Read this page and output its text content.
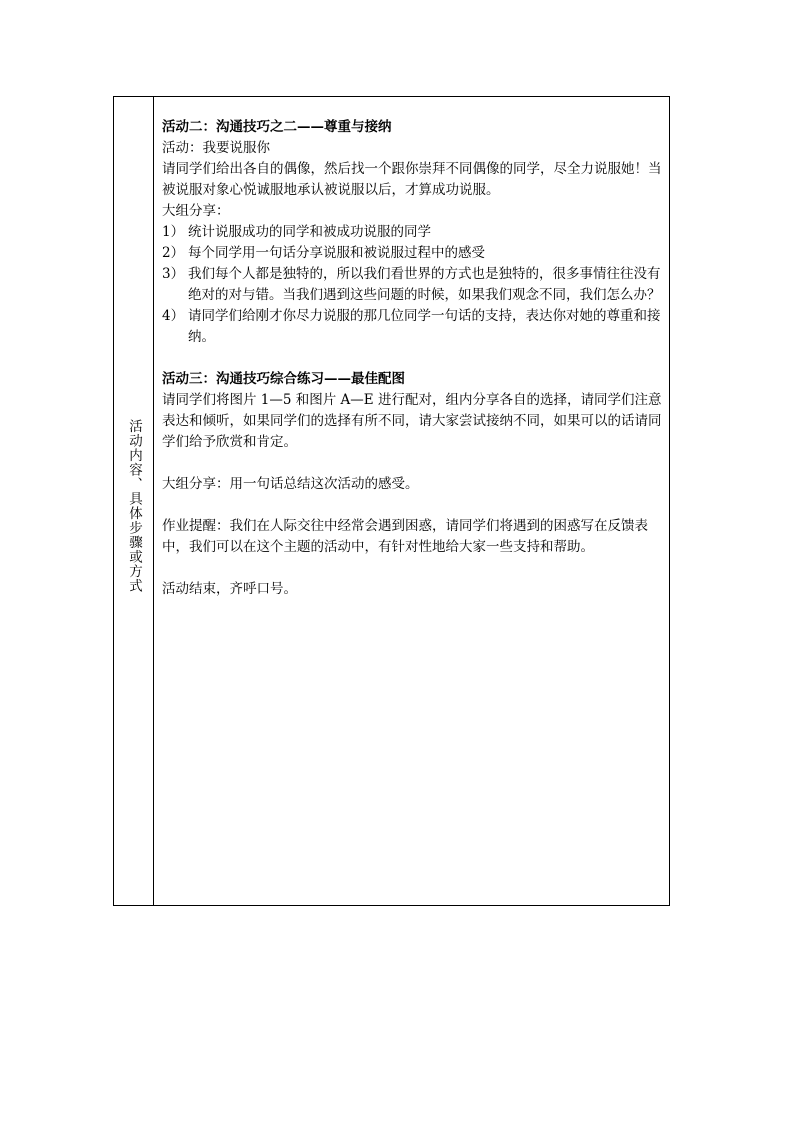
活动内容、具体步骤或方式

活动二：沟通技巧之二——尊重与接纳

活动：我要说服你

请同学们给出各自的偶像，然后找一个跟你崇拜不同偶像的同学，尽全力说服她！当被说服对象心悦诚服地承认被说服以后，才算成功说服。

大组分享：

1） 统计说服成功的同学和被成功说服的同学
2） 每个同学用一句话分享说服和被说服过程中的感受
3） 我们每个人都是独特的，所以我们看世界的方式也是独特的，很多事情往往没有绝对的对与错。当我们遇到这些问题的时候，如果我们观念不同，我们怎么办？
4） 请同学们给刚才你尽力说服的那几位同学一句话的支持，表达你对她的尊重和接纳。

活动三：沟通技巧综合练习——最佳配图

请同学们将图片 1—5 和图片 A—E 进行配对，组内分享各自的选择，请同学们注意表达和倾听，如果同学们的选择有所不同，请大家尝试接纳不同，如果可以的话请同学们给予欣赏和肯定。

大组分享：用一句话总结这次活动的感受。

作业提醒：我们在人际交往中经常会遇到困惑，请同学们将遇到的困惑写在反馈表中，我们可以在这个主题的活动中，有针对性地给大家一些支持和帮助。

活动结束，齐呼口号。
